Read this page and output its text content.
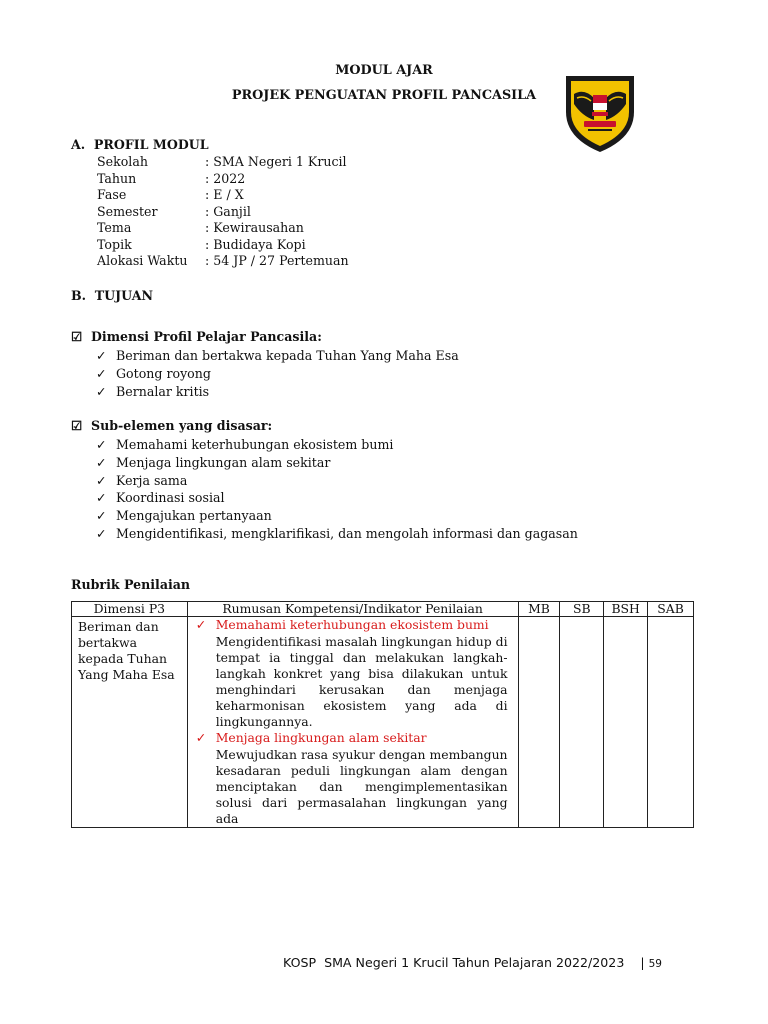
MODUL AJAR
PROJEK PENGUATAN PROFIL PANCASILA
A.  PROFIL MODUL
Sekolah	: SMA Negeri 1 Krucil
Tahun	: 2022
Fase	: E / X
Semester	: Ganjil
Tema	: Kewirausahan
Topik	: Budidaya Kopi
Alokasi Waktu : 54 JP / 27 Pertemuan
B.  TUJUAN
☑ Dimensi Profil Pelajar Pancasila:
✓ Beriman dan bertakwa kepada Tuhan Yang Maha Esa
✓ Gotong royong
✓ Bernalar kritis
☑ Sub-elemen yang disasar:
✓ Memahami keterhubungan ekosistem bumi
✓ Menjaga lingkungan alam sekitar
✓ Kerja sama
✓ Koordinasi sosial
✓ Mengajukan pertanyaan
✓ Mengidentifikasi, mengklarifikasi, dan mengolah informasi dan gagasan
Rubrik Penilaian
Dimensi P3	Rumusan Kompetensi/Indikator Penilaian	MB	SB	BSH	SAB
Beriman dan bertakwa kepada Tuhan Yang Maha Esa	✓ Memahami keterhubungan ekosistem bumi
Mengidentifikasi masalah lingkungan hidup di tempat ia tinggal dan melakukan langkah-langkah konkret yang bisa dilakukan untuk menghindari kerusakan dan menjaga keharmonisan ekosistem yang ada di lingkungannya.
✓ Menjaga lingkungan alam sekitar
Mewujudkan rasa syukur dengan membangun kesadaran peduli lingkungan alam dengan menciptakan dan mengimplementasikan solusi dari permasalahan lingkungan yang ada				

KOSP  SMA Negeri 1 Krucil Tahun Pelajaran 2022/2023 | 59
